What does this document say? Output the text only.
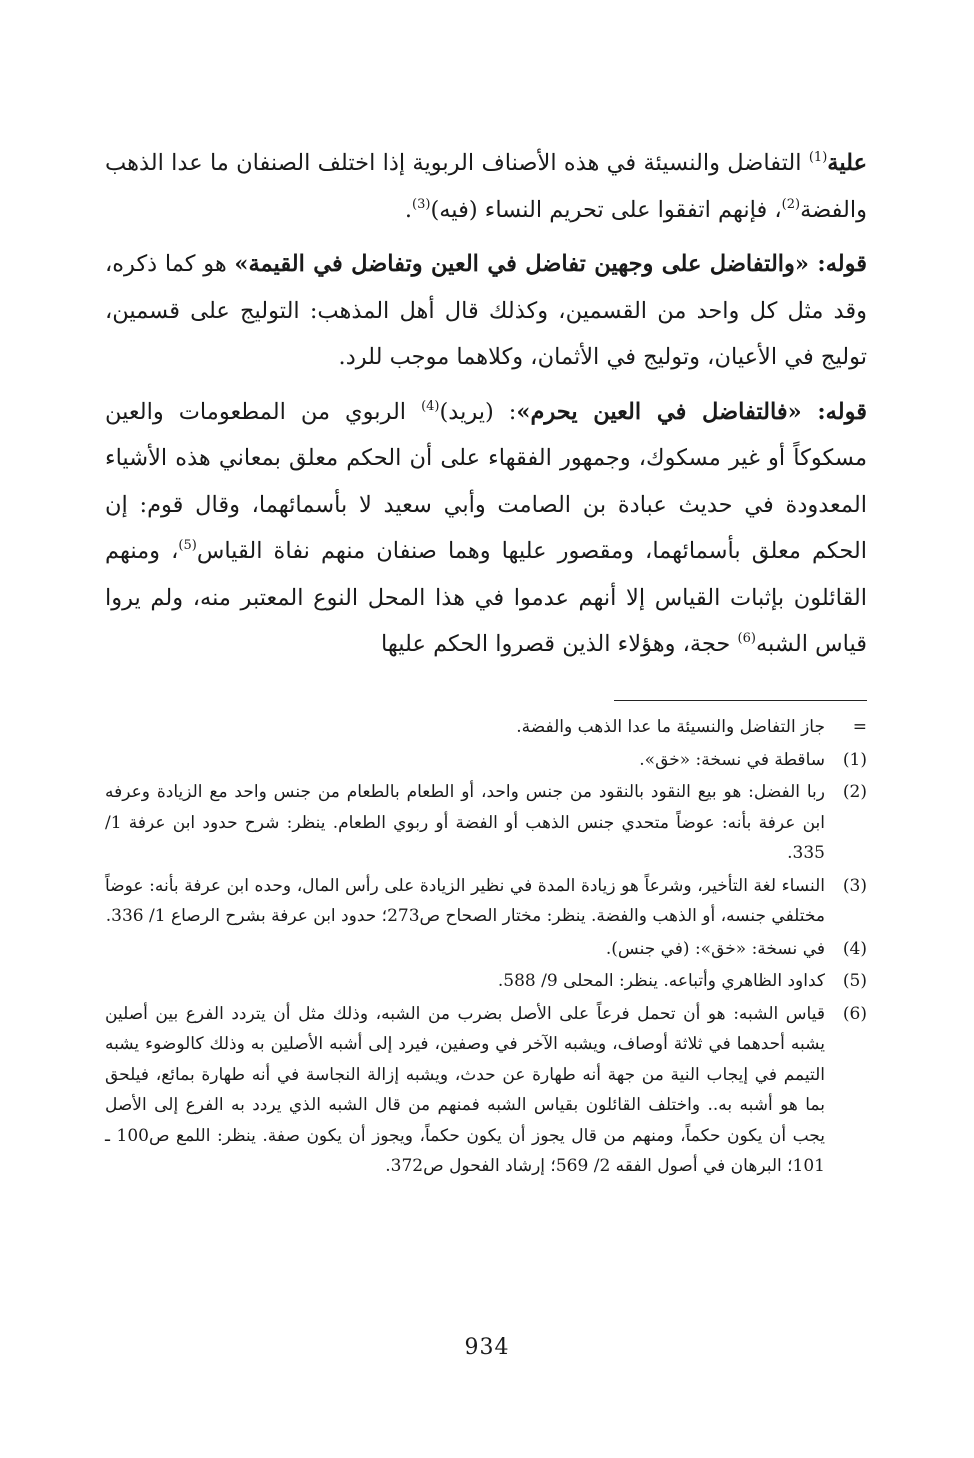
علية$^{(1)}$ التفاضل والنسيئة في هذه الأصناف الربوية إذا اختلف الصنفان ما عدا الذهب والفضة$^{(2)}$، فإنهم اتفقوا على تحريم النساء (فيه)$^{(3)}$.

قوله: «والتفاضل على وجهين تفاضل في العين وتفاضل في القيمة» هو كما ذكره، وقد مثل كل واحد من القسمين، وكذلك قال أهل المذهب: التوليج على قسمين، توليج في الأعيان، وتوليج في الأثمان، وكلاهما موجب للرد.

قوله: «فالتفاضل في العين يحرم»: (يريد)$^{(4)}$ الربوي من المطعومات والعين مسكوكاً أو غير مسكوك، وجمهور الفقهاء على أن الحكم معلق بمعاني هذه الأشياء المعدودة في حديث عبادة بن الصامت وأبي سعيد لا بأسمائهما، وقال قوم: إن الحكم معلق بأسمائهما، ومقصور عليها وهما صنفان منهم نفاة القياس$^{(5)}$، ومنهم القائلون بإثبات القياس إلا أنهم عدموا في هذا المحل النوع المعتبر منه، ولم يروا قياس الشبه$^{(6)}$ حجة، وهؤلاء الذين قصروا الحكم عليها

=
جاز التفاضل والنسيئة ما عدا الذهب والفضة.
(1)
ساقطة في نسخة: «خق».
(2)
ربا الفضل: هو بيع النقود بالنقود من جنس واحد، أو الطعام بالطعام من جنس واحد مع الزيادة وعرفه ابن عرفة بأنه: عوضاً متحدي جنس الذهب أو الفضة أو ربوي الطعام. ينظر: شرح حدود ابن عرفة 1/ 335.
(3)
النساء لغة التأخير، وشرعاً هو زيادة المدة في نظير الزيادة على رأس المال، وحده ابن عرفة بأنه: عوضاً مختلفي جنسه، أو الذهب والفضة. ينظر: مختار الصحاح ص273؛ حدود ابن عرفة بشرح الرصاع 1/ 336.
(4)
في نسخة: «خق»: (في جنس).
(5)
كداود الظاهري وأتباعه. ينظر: المحلى 9/ 588.
(6)
قياس الشبه: هو أن تحمل فرعاً على الأصل بضرب من الشبه، وذلك مثل أن يتردد الفرع بين أصلين يشبه أحدهما في ثلاثة أوصاف، ويشبه الآخر في وصفين، فيرد إلى أشبه الأصلين به وذلك كالوضوء يشبه التيمم في إيجاب النية من جهة أنه طهارة عن حدث، ويشبه إزالة النجاسة في أنه طهارة بمائع، فيلحق بما هو أشبه به.. واختلف القائلون بقياس الشبه فمنهم من قال الشبه الذي يردد به الفرع إلى الأصل يجب أن يكون حكماً، ومنهم من قال يجوز أن يكون حكماً، ويجوز أن يكون صفة. ينظر: اللمع ص100 ـ 101؛ البرهان في أصول الفقه 2/ 569؛ إرشاد الفحول ص372.
934
